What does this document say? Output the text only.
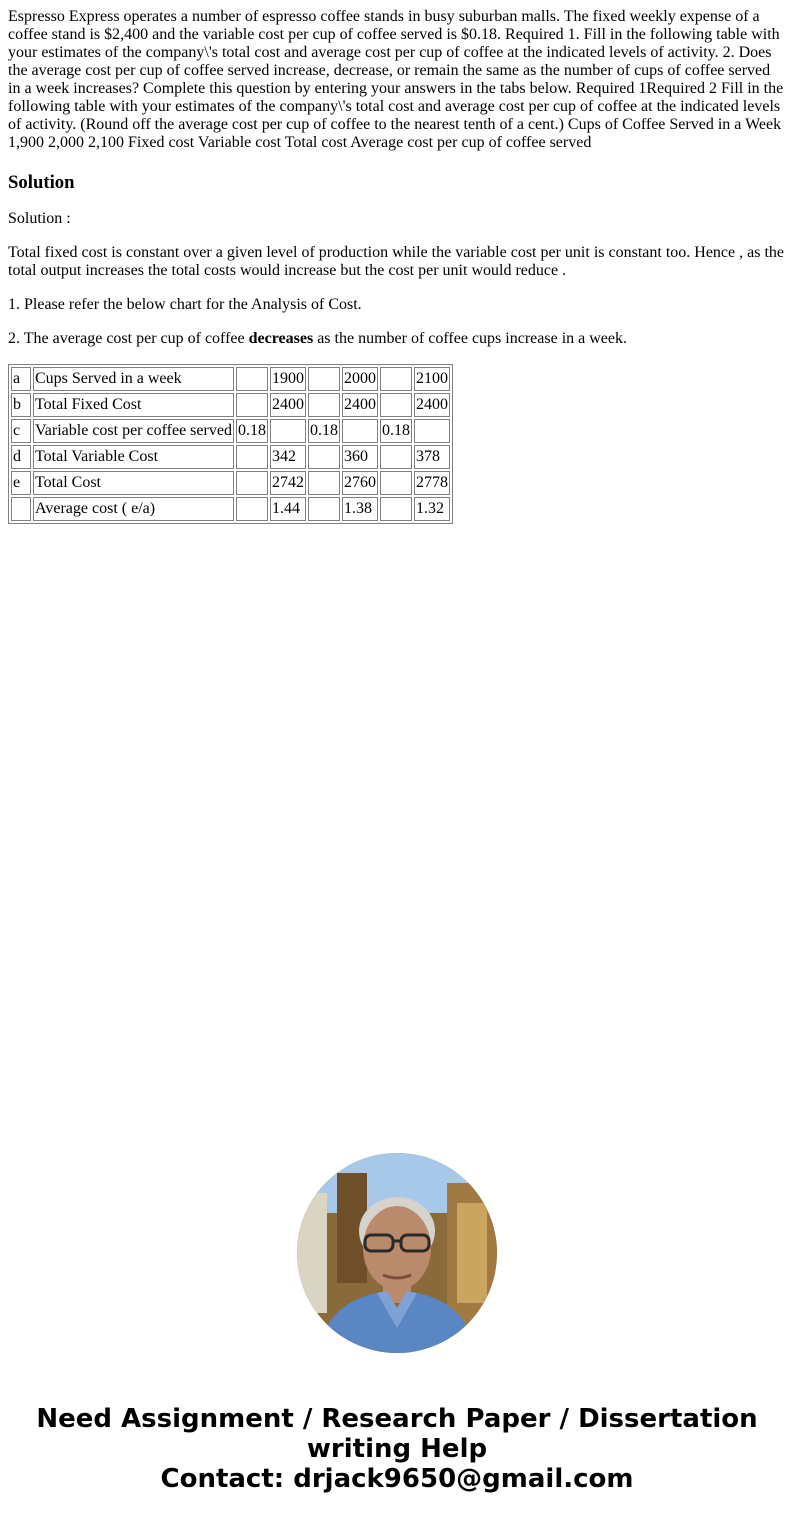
Espresso Express operates a number of espresso coffee stands in busy suburban malls. The fixed weekly expense of a coffee stand is $2,400 and the variable cost per cup of coffee served is $0.18. Required 1. Fill in the following table with your estimates of the company\'s total cost and average cost per cup of coffee at the indicated levels of activity. 2. Does the average cost per cup of coffee served increase, decrease, or remain the same as the number of cups of coffee served in a week increases? Complete this question by entering your answers in the tabs below. Required 1Required 2 Fill in the following table with your estimates of the company\'s total cost and average cost per cup of coffee at the indicated levels of activity. (Round off the average cost per cup of coffee to the nearest tenth of a cent.) Cups of Coffee Served in a Week 1,900 2,000 2,100 Fixed cost Variable cost Total cost Average cost per cup of coffee served
Solution

Solution :

Total fixed cost is constant over a given level of production while the variable cost per unit is constant too. Hence , as the total output increases the total costs would increase but the cost per unit would reduce .

1. Please refer the below chart for the Analysis of Cost.

2. The average cost per cup of coffee decreases as the number of coffee cups increase in a week.

a	Cups Served in a week		1900		2000		2100
b	Total Fixed Cost		2400		2400		2400
c	Variable cost per coffee served	0.18		0.18		0.18	
d	Total Variable Cost		342		360		378
e	Total Cost		2742		2760		2778
	Average cost ( e/a)		1.44		1.38		1.32
Need Assignment / Research Paper / Dissertation
writing Help
Contact: drjack9650@gmail.com
